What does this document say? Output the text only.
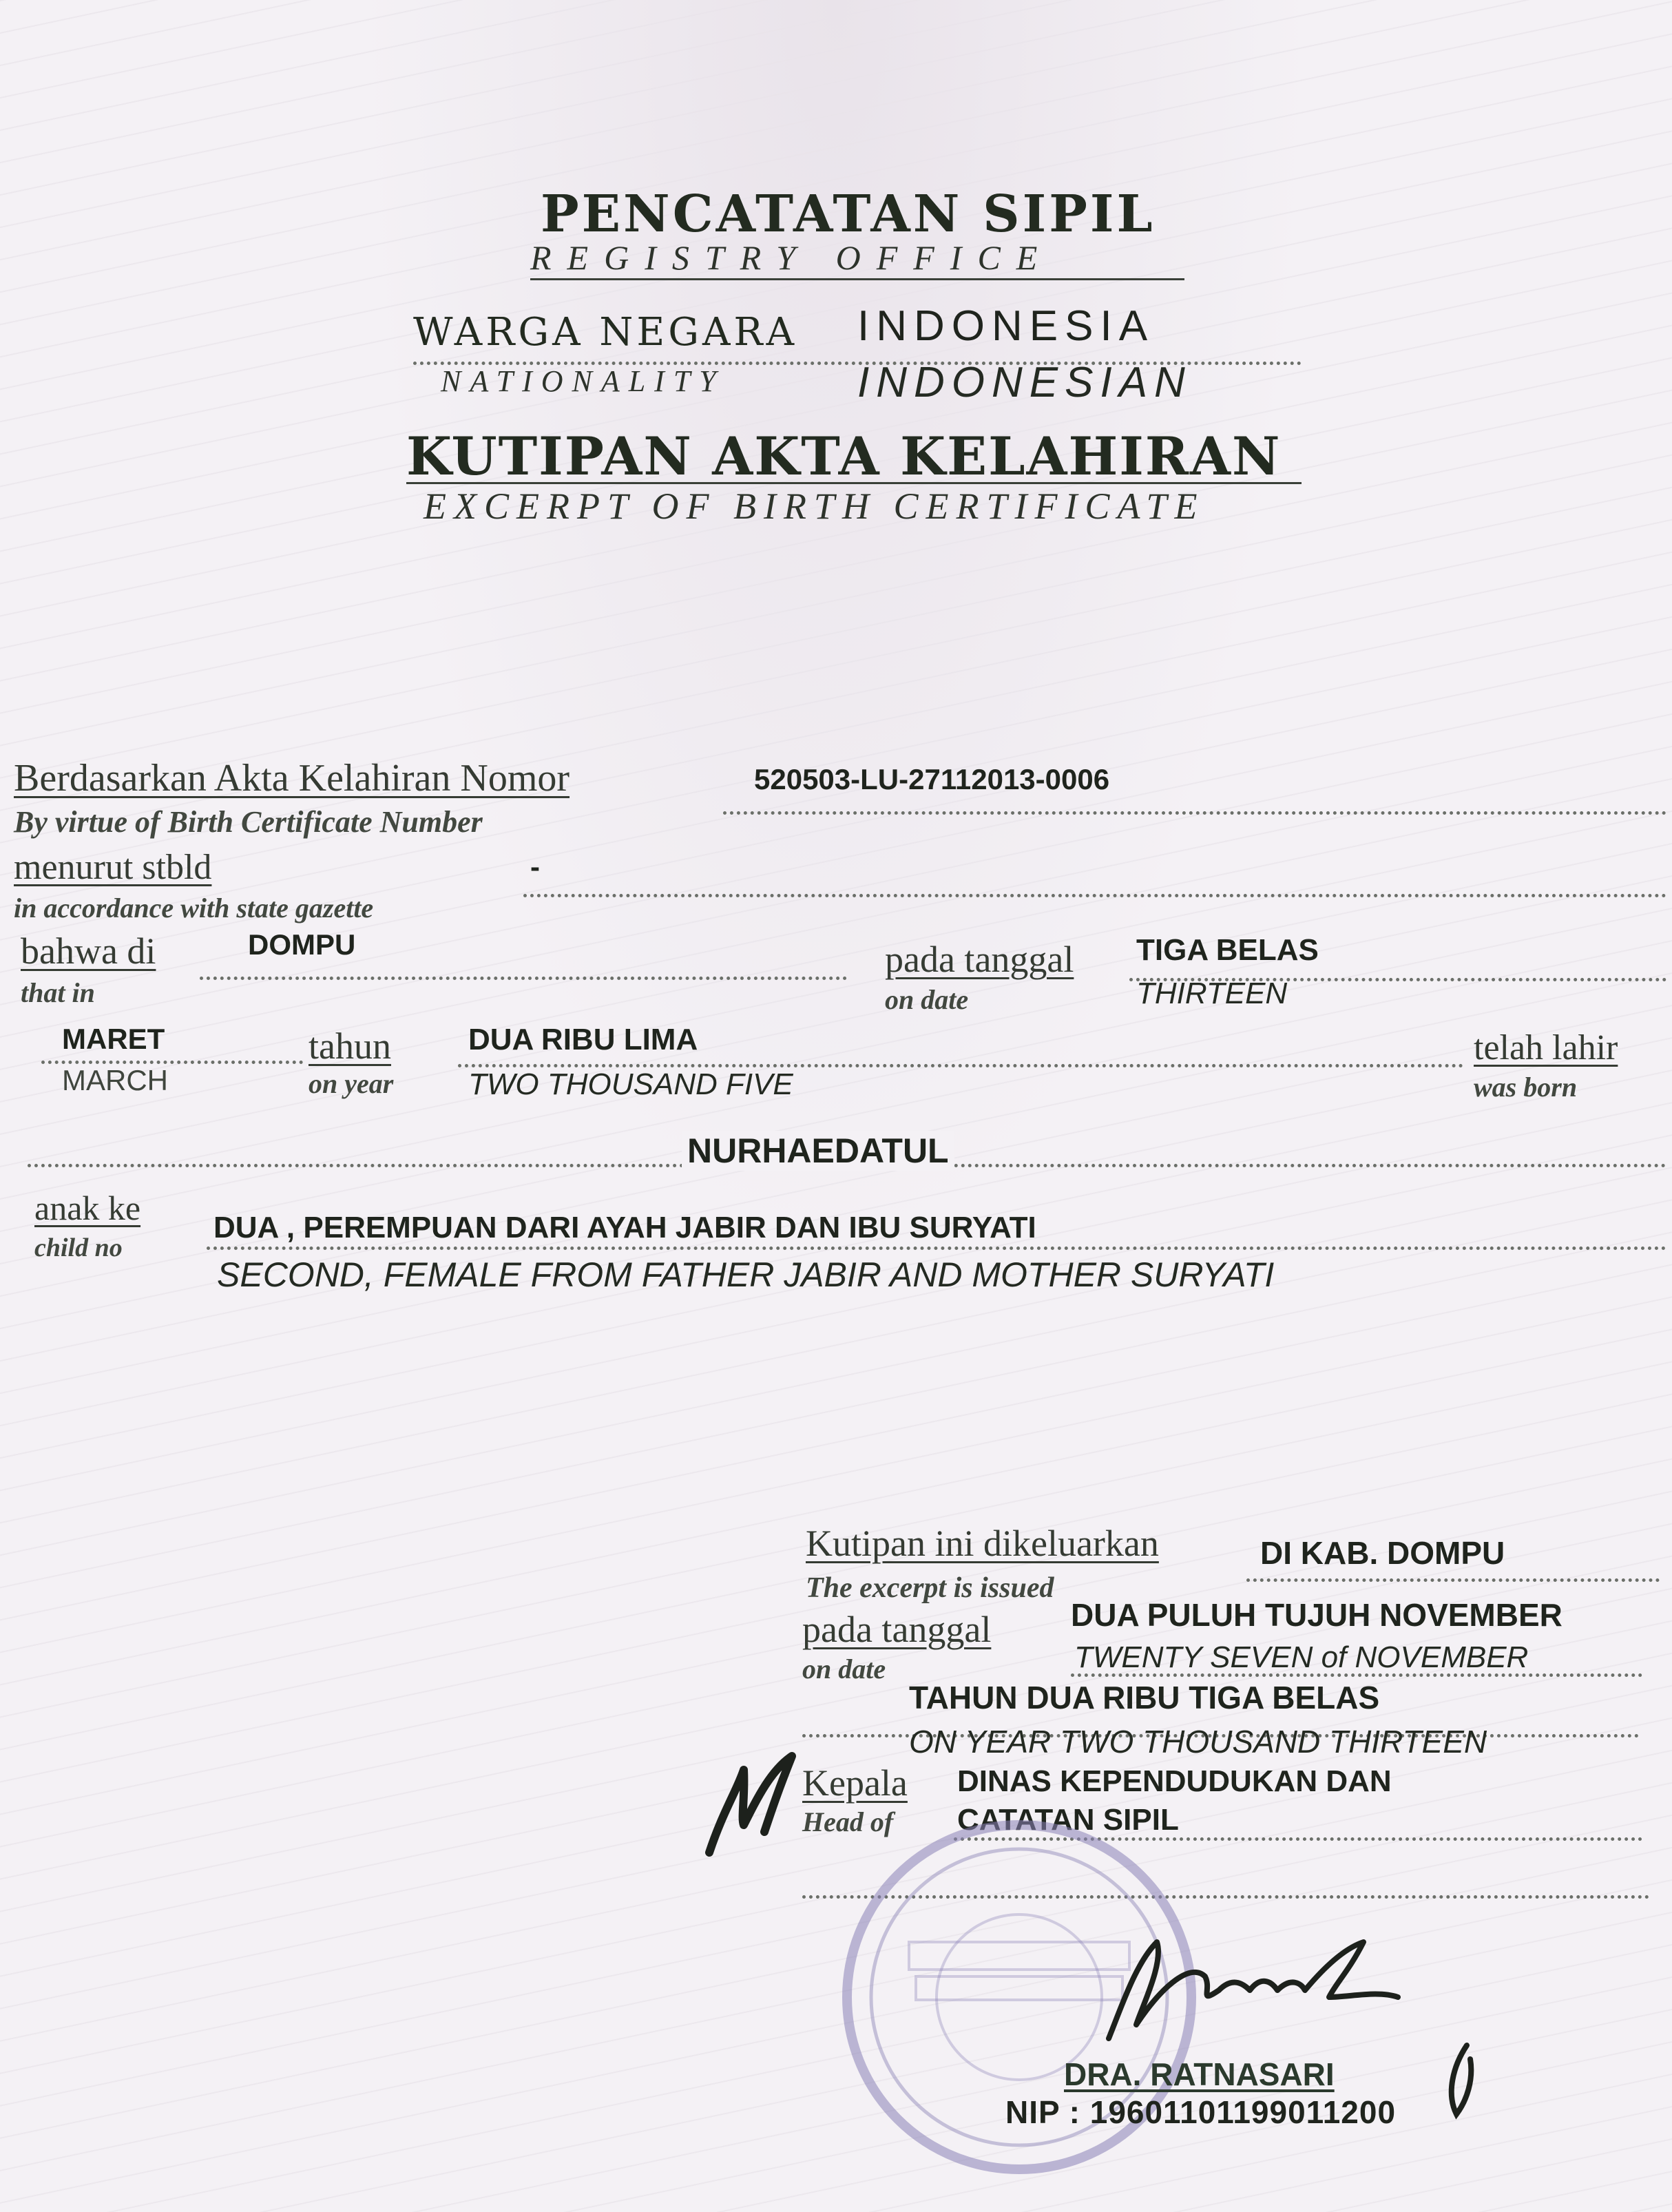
PENCATATAN SIPIL
REGISTRY OFFICE
WARGA NEGARA INDONESIA
NATIONALITY	INDONESIAN
KUTIPAN AKTA KELAHIRAN
EXCERPT OF BIRTH CERTIFICATE
Berdasarkan Akta Kelahiran Nomor
By virtue of Birth Certificate Number
520503-LU-27112013-0006
menurut stbld
in accordance with state gazette
-
bahwa di
that in
DOMPU	pada tanggal
on date
TIGA BELAS
THIRTEEN
MARET
MARCH
tahun
on year
DUA RIBU LIMA
TWO THOUSAND FIVE
telah lahir
was born
NURHAEDATUL
anak ke
child no
DUA , PEREMPUAN DARI AYAH JABIR DAN IBU SURYATI
SECOND, FEMALE FROM FATHER JABIR AND MOTHER SURYATI
Kutipan ini dikeluarkan
The excerpt is issued
DI KAB. DOMPU
pada tanggal
on date
DUA PULUH TUJUH NOVEMBER
TWENTY SEVEN of NOVEMBER
TAHUN DUA RIBU TIGA BELAS
ON YEAR TWO THOUSAND THIRTEEN
Kepala
Head of
DINAS KEPENDUDUKAN DAN
CATATAN SIPIL
DRA. RATNASARI
NIP : 19601101199011200
